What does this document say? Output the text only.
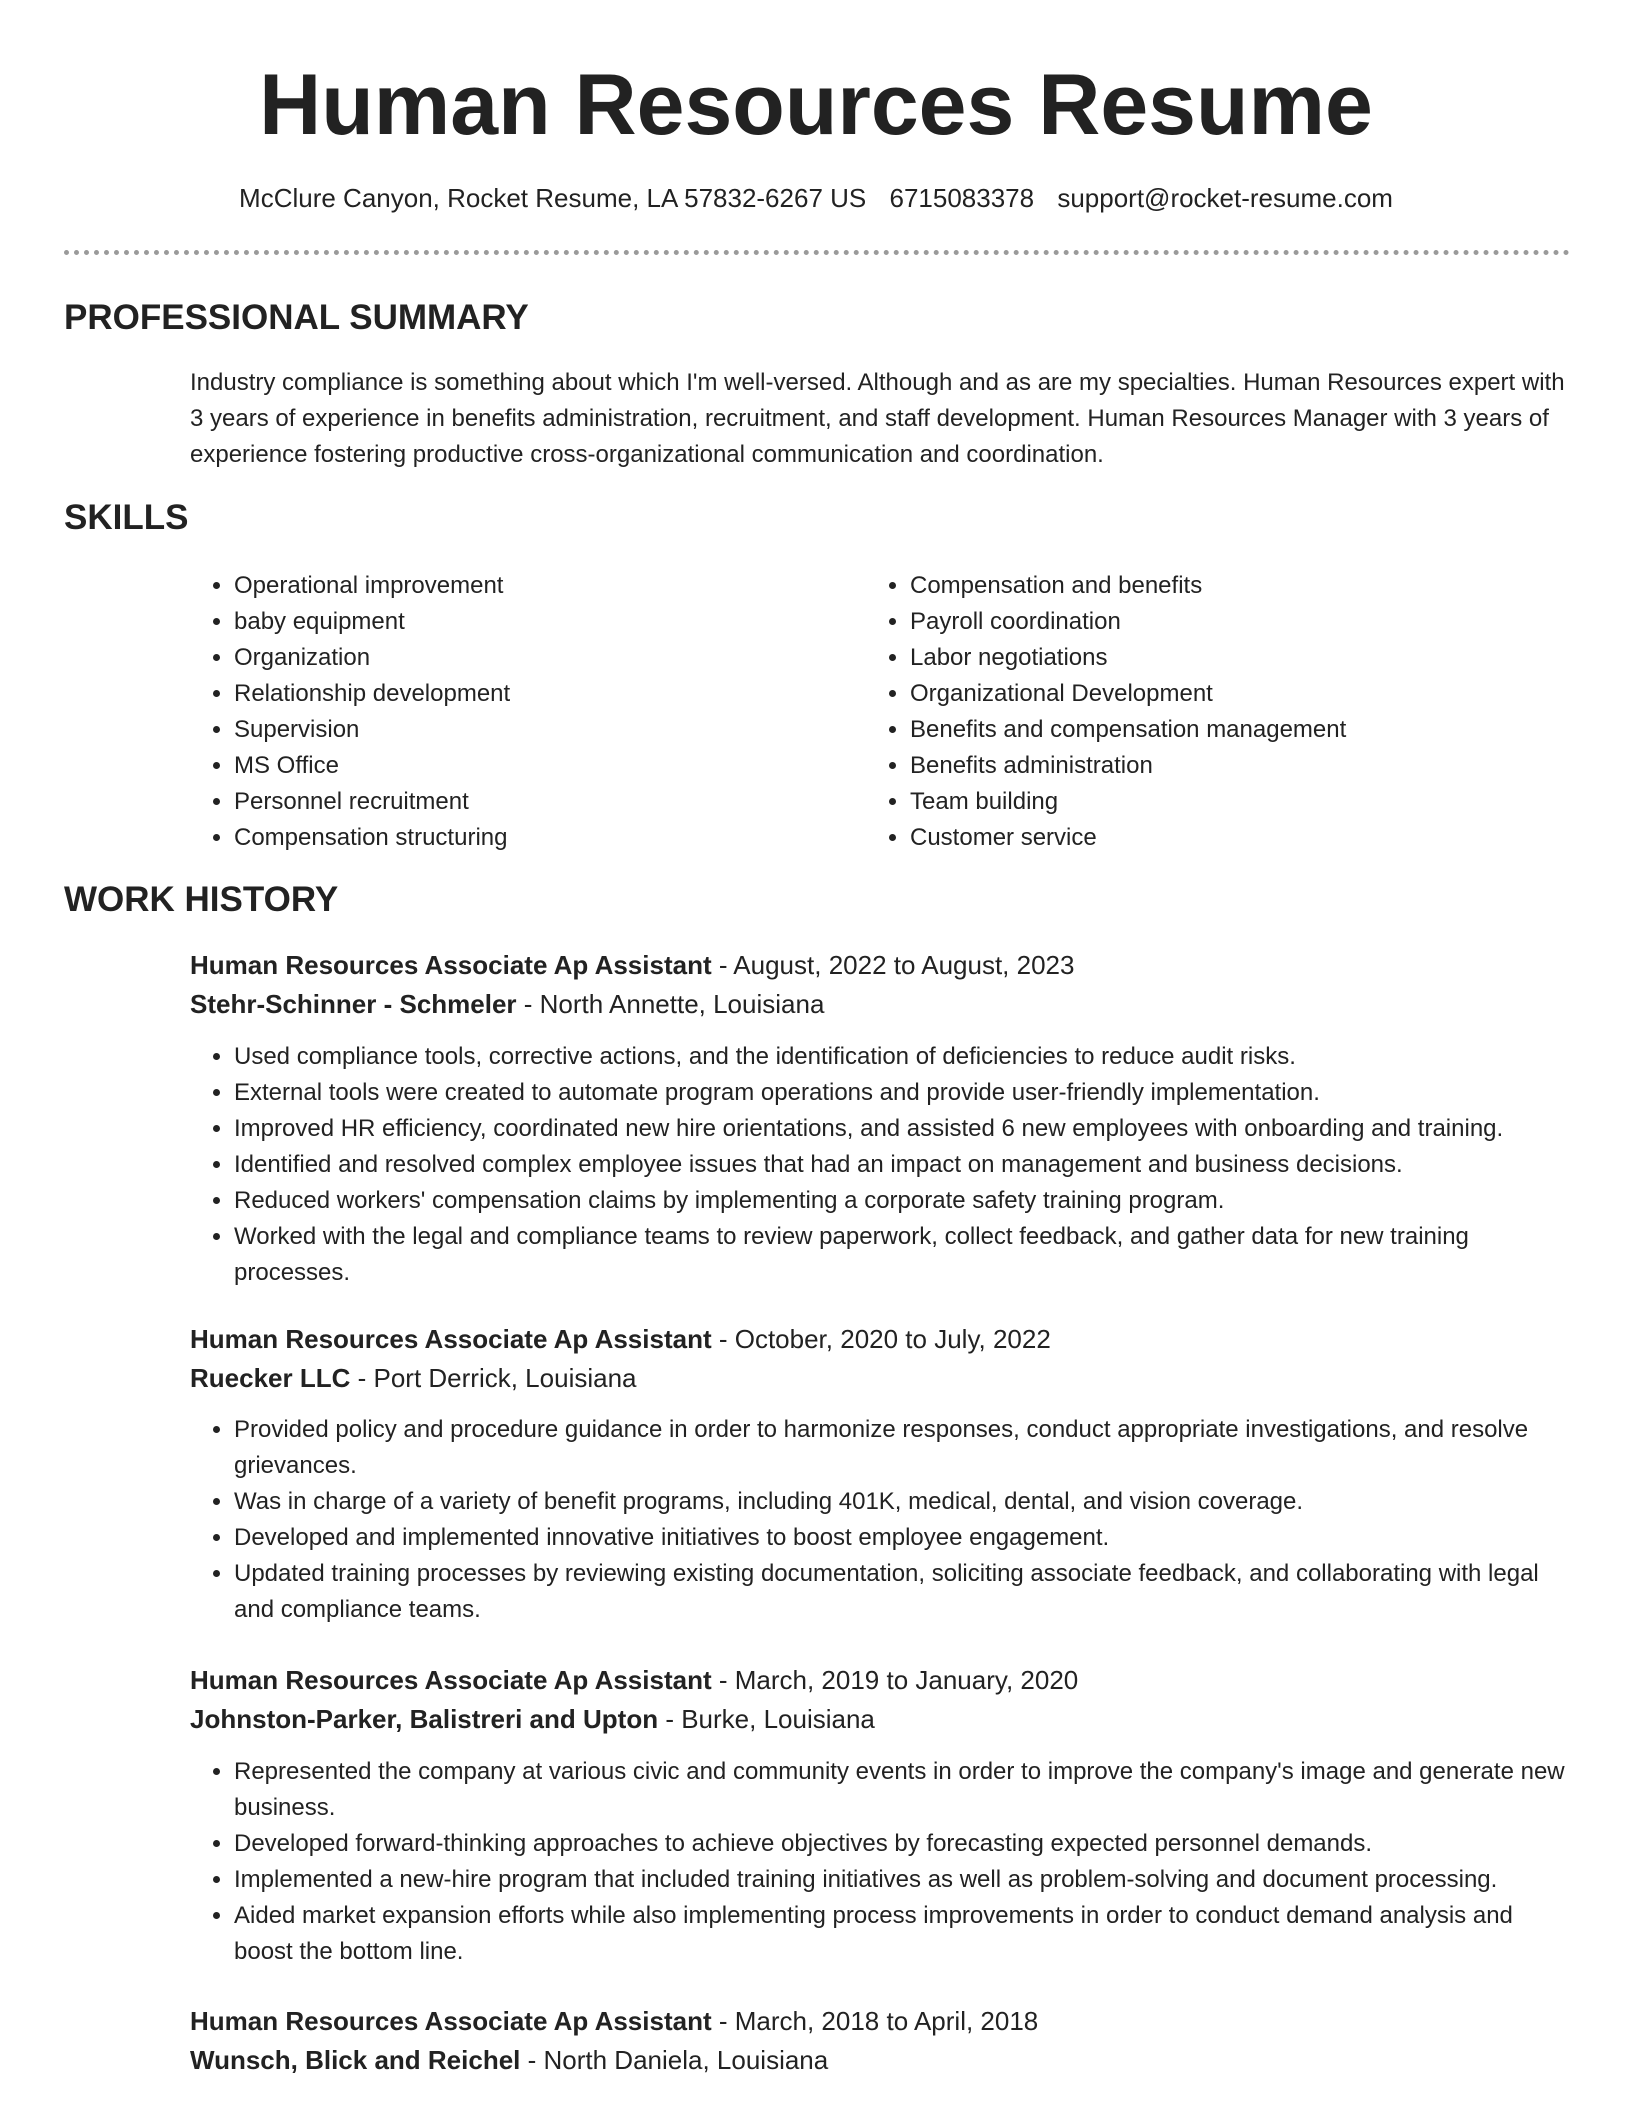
Human Resources Resume
McClure Canyon, Rocket Resume, LA 57832-6267 US 6715083378 support@rocket-resume.com
PROFESSIONAL SUMMARY

Industry compliance is something about which I'm well-versed. Although and as are my specialties. Human Resources expert with 3 years of experience in benefits administration, recruitment, and staff development. Human Resources Manager with 3 years of experience fostering productive cross-organizational communication and coordination.

SKILLS
• Operational improvement
• baby equipment
• Organization
• Relationship development
• Supervision
• MS Office
• Personnel recruitment
• Compensation structuring
• Compensation and benefits
• Payroll coordination
• Labor negotiations
• Organizational Development
• Benefits and compensation management
• Benefits administration
• Team building
• Customer service
WORK HISTORY
Human Resources Associate Ap Assistant - August, 2022 to August, 2023
Stehr-Schinner - Schmeler - North Annette, Louisiana
• Used compliance tools, corrective actions, and the identification of deficiencies to reduce audit risks.
• External tools were created to automate program operations and provide user-friendly implementation.
• Improved HR efficiency, coordinated new hire orientations, and assisted 6 new employees with onboarding and training.
• Identified and resolved complex employee issues that had an impact on management and business decisions.
• Reduced workers' compensation claims by implementing a corporate safety training program.
• Worked with the legal and compliance teams to review paperwork, collect feedback, and gather data for new training processes.
Human Resources Associate Ap Assistant - October, 2020 to July, 2022
Ruecker LLC - Port Derrick, Louisiana
• Provided policy and procedure guidance in order to harmonize responses, conduct appropriate investigations, and resolve grievances.
• Was in charge of a variety of benefit programs, including 401K, medical, dental, and vision coverage.
• Developed and implemented innovative initiatives to boost employee engagement.
• Updated training processes by reviewing existing documentation, soliciting associate feedback, and collaborating with legal and compliance teams.
Human Resources Associate Ap Assistant - March, 2019 to January, 2020
Johnston-Parker, Balistreri and Upton - Burke, Louisiana
• Represented the company at various civic and community events in order to improve the company's image and generate new business.
• Developed forward-thinking approaches to achieve objectives by forecasting expected personnel demands.
• Implemented a new-hire program that included training initiatives as well as problem-solving and document processing.
• Aided market expansion efforts while also implementing process improvements in order to conduct demand analysis and boost the bottom line.
Human Resources Associate Ap Assistant - March, 2018 to April, 2018
Wunsch, Blick and Reichel - North Daniela, Louisiana
